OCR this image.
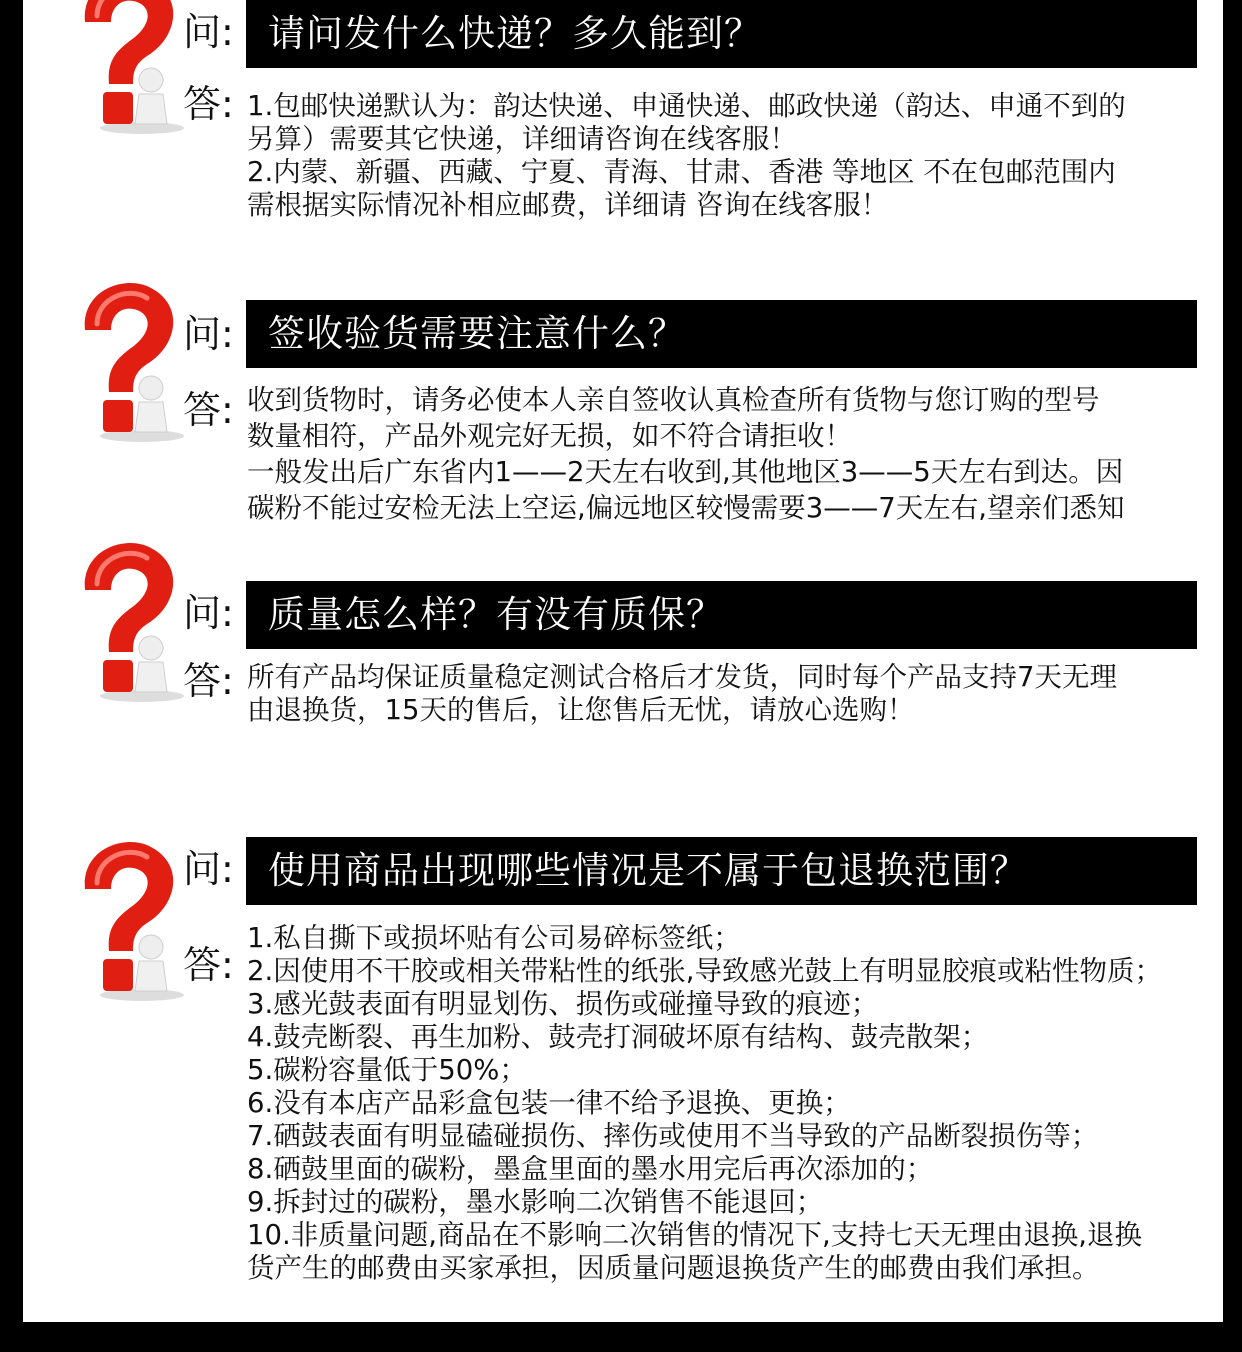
问: 请问发什么快递？多久能到？
答: 1.包邮快递默认为：韵达快递、申通快递、邮政快递（韵达、申通不到的
另算）需要其它快递，详细请咨询在线客服！
2.内蒙、新疆、西藏、宁夏、青海、甘肃、香港 等地区 不在包邮范围内
需根据实际情况补相应邮费，详细请 咨询在线客服！
问: 签收验货需要注意什么？
答: 收到货物时，请务必使本人亲自签收认真检查所有货物与您订购的型号
数量相符，产品外观完好无损，如不符合请拒收！
一般发出后广东省内1——2天左右收到,其他地区3——5天左右到达。因
碳粉不能过安检无法上空运,偏远地区较慢需要3——7天左右,望亲们悉知
问: 质量怎么样？有没有质保？
答: 所有产品均保证质量稳定测试合格后才发货，同时每个产品支持7天无理
由退换货，15天的售后，让您售后无忧，请放心选购！
问: 使用商品出现哪些情况是不属于包退换范围？
答:
1.私自撕下或损坏贴有公司易碎标签纸；
2.因使用不干胶或相关带粘性的纸张,导致感光鼓上有明显胶痕或粘性物质；
3.感光鼓表面有明显划伤、损伤或碰撞导致的痕迹；
4.鼓壳断裂、再生加粉、鼓壳打洞破坏原有结构、鼓壳散架；
5.碳粉容量低于50%；
6.没有本店产品彩盒包装一律不给予退换、更换；
7.硒鼓表面有明显磕碰损伤、摔伤或使用不当导致的产品断裂损伤等；
8.硒鼓里面的碳粉，墨盒里面的墨水用完后再次添加的；
9.拆封过的碳粉，墨水影响二次销售不能退回；
10.非质量问题,商品在不影响二次销售的情况下,支持七天无理由退换,退换
货产生的邮费由买家承担，因质量问题退换货产生的邮费由我们承担。
